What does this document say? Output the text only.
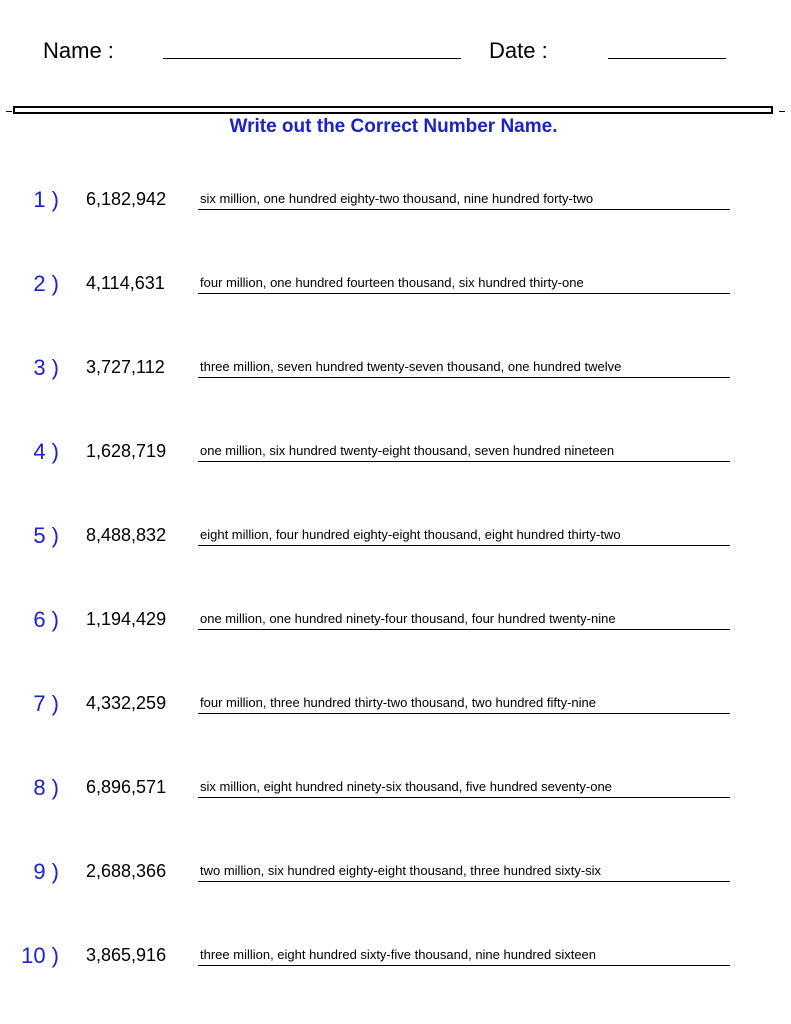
Name :	Date :
Write out the Correct Number Name.
1 ) 6,182,942	six million, one hundred eighty-two thousand, nine hundred forty-two
2 ) 4,114,631	four million, one hundred fourteen thousand, six hundred thirty-one
3 ) 3,727,112	three million, seven hundred twenty-seven thousand, one hundred twelve
4 ) 1,628,719	one million, six hundred twenty-eight thousand, seven hundred nineteen
5 ) 8,488,832	eight million, four hundred eighty-eight thousand, eight hundred thirty-two
6 ) 1,194,429	one million, one hundred ninety-four thousand, four hundred twenty-nine
7 ) 4,332,259	four million, three hundred thirty-two thousand, two hundred fifty-nine
8 ) 6,896,571	six million, eight hundred ninety-six thousand, five hundred seventy-one
9 ) 2,688,366	two million, six hundred eighty-eight thousand, three hundred sixty-six
10 ) 3,865,916	three million, eight hundred sixty-five thousand, nine hundred sixteen
